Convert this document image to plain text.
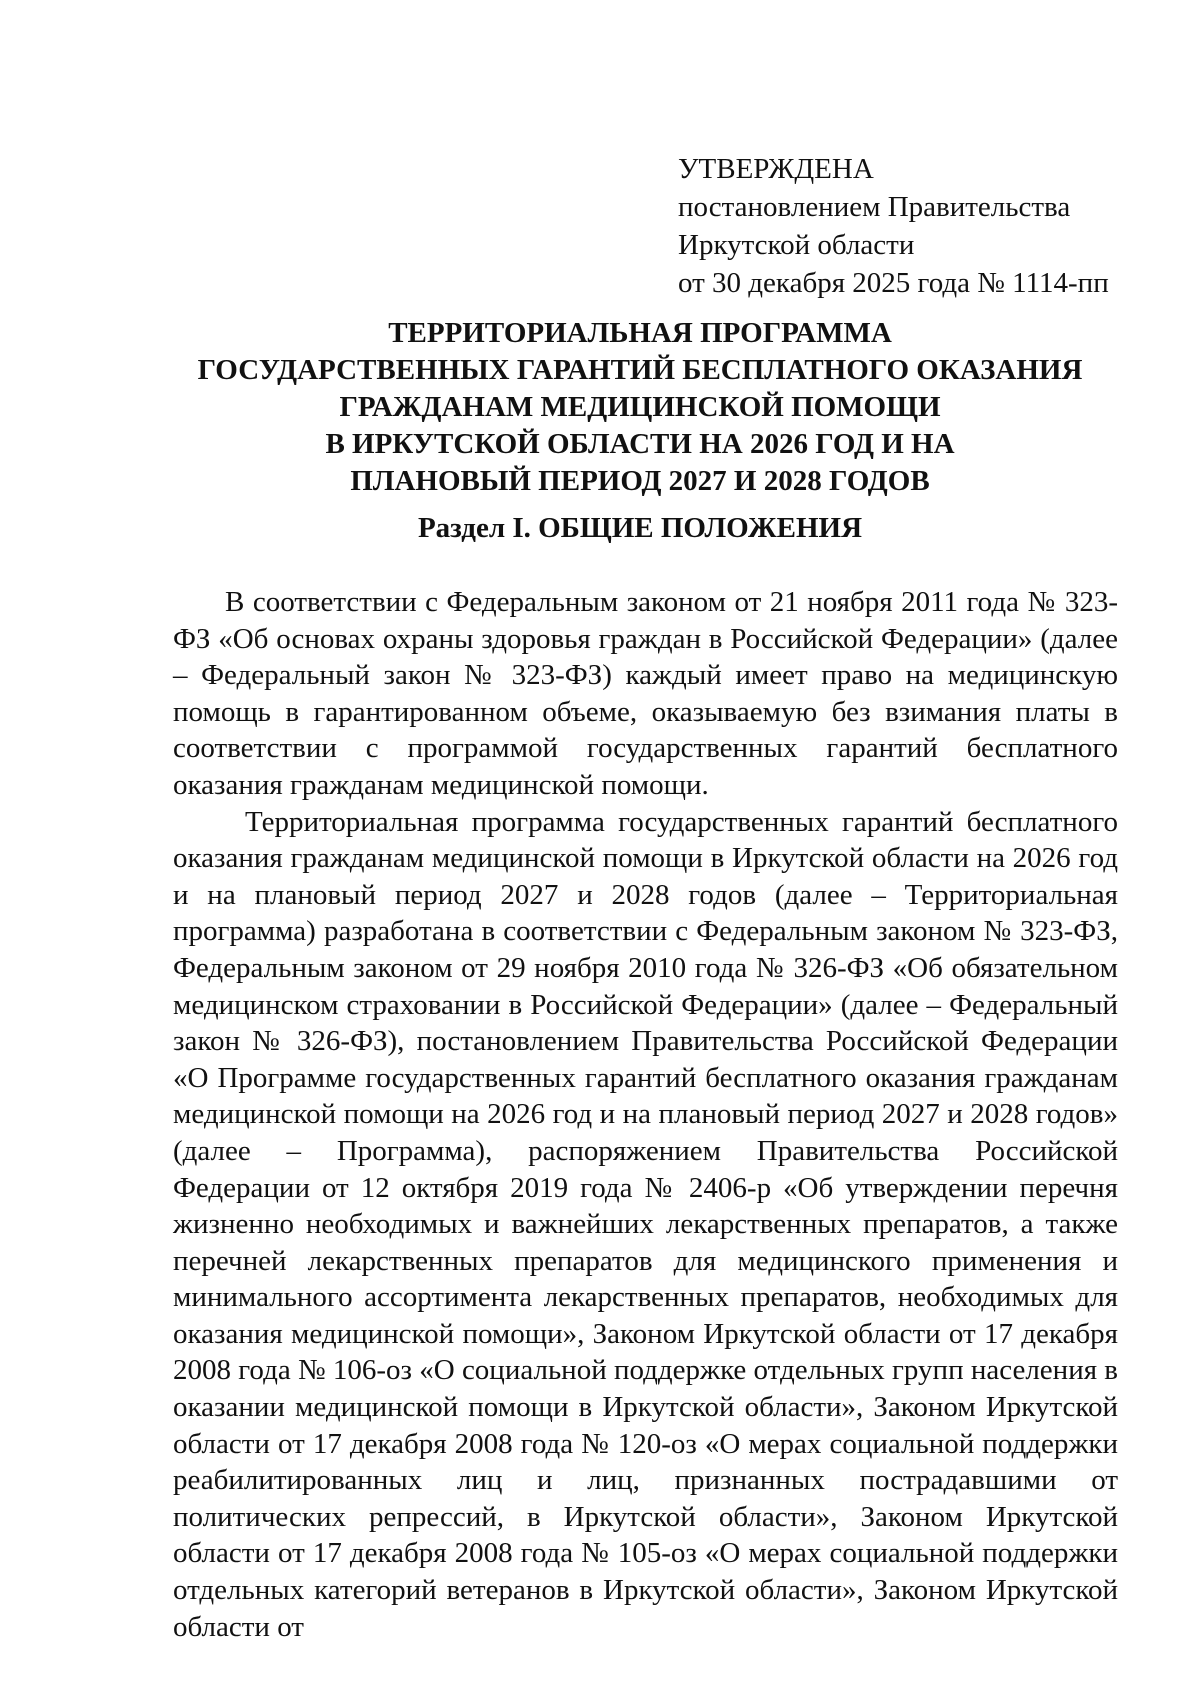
УТВЕРЖДЕНА
постановлением Правительства
Иркутской области
от 30 декабря 2025 года № 1114-пп
ТЕРРИТОРИАЛЬНАЯ ПРОГРАММА
ГОСУДАРСТВЕННЫХ ГАРАНТИЙ БЕСПЛАТНОГО ОКАЗАНИЯ
ГРАЖДАНАМ МЕДИЦИНСКОЙ ПОМОЩИ
В ИРКУТСКОЙ ОБЛАСТИ НА 2026 ГОД И НА
ПЛАНОВЫЙ ПЕРИОД 2027 И 2028 ГОДОВ
Раздел I. ОБЩИЕ ПОЛОЖЕНИЯ

В соответствии с Федеральным законом от 21 ноября 2011 года № 323-ФЗ «Об основах охраны здоровья граждан в Российской Федерации» (далее – Федеральный закон № 323-ФЗ) каждый имеет право на медицинскую помощь в гарантированном объеме, оказываемую без взимания платы в соответствии с программой государственных гарантий бесплатного оказания гражданам медицинской помощи.

Территориальная программа государственных гарантий бесплатного оказания гражданам медицинской помощи в Иркутской области на 2026 год и на плановый период 2027 и 2028 годов (далее – Территориальная программа) разработана в соответствии с Федеральным законом № 323-ФЗ, Федеральным законом от 29 ноября 2010 года № 326-ФЗ «Об обязательном медицинском страховании в Российской Федерации» (далее – Федеральный закон № 326-ФЗ), постановлением Правительства Российской Федерации «О Программе государственных гарантий бесплатного оказания гражданам медицинской помощи на 2026 год и на плановый период 2027 и 2028 годов» (далее – Программа), распоряжением Правительства Российской Федерации от 12 октября 2019 года № 2406-р «Об утверждении перечня жизненно необходимых и важнейших лекарственных препаратов, а также перечней лекарственных препаратов для медицинского применения и минимального ассортимента лекарственных препаратов, необходимых для оказания медицинской помощи», Законом Иркутской области от 17 декабря 2008 года № 106-оз «О социальной поддержке отдельных групп населения в оказании медицинской помощи в Иркутской области», Законом Иркутской области от 17 декабря 2008 года № 120-оз «О мерах социальной поддержки реабилитированных лиц и лиц, признанных пострадавшими от политических репрессий, в Иркутской области», Законом Иркутской области от 17 декабря 2008 года № 105-оз «О мерах социальной поддержки отдельных категорий ветеранов в Иркутской области», Законом Иркутской области от
